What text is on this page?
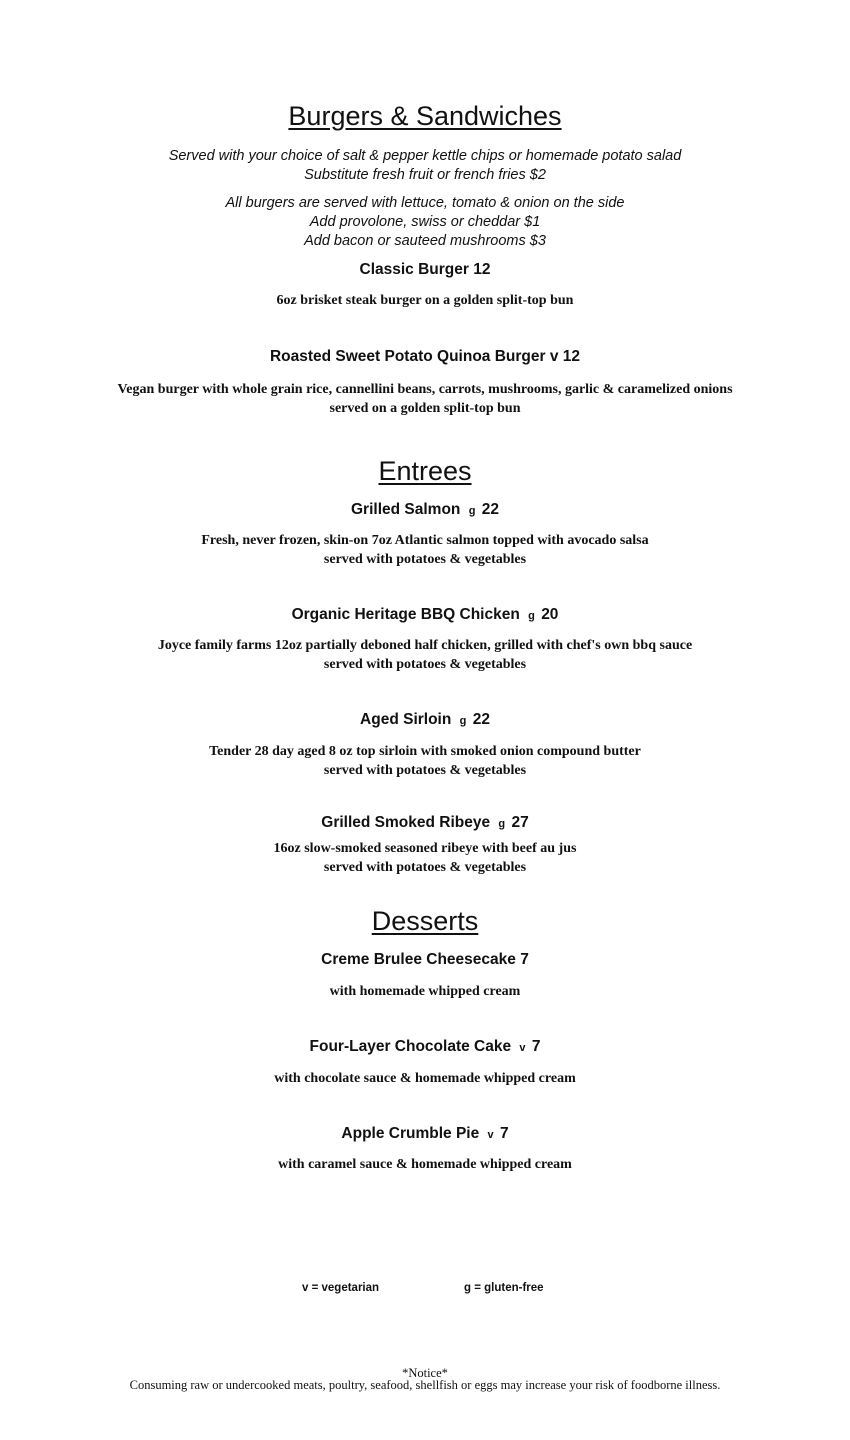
Burgers & Sandwiches
Served with your choice of salt & pepper kettle chips or homemade potato salad
Substitute fresh fruit or french fries $2
All burgers are served with lettuce, tomato & onion on the side
Add provolone, swiss or cheddar $1
Add bacon or sauteed mushrooms $3
Classic Burger 12
6oz brisket steak burger on a golden split-top bun
Roasted Sweet Potato Quinoa Burger v 12
Vegan burger with whole grain rice, cannellini beans, carrots, mushrooms, garlic & caramelized onions
served on a golden split-top bun
Entrees
Grilled Salmon g 22
Fresh, never frozen, skin-on 7oz Atlantic salmon topped with avocado salsa
served with potatoes & vegetables
Organic Heritage BBQ Chicken g 20
Joyce family farms 12oz partially deboned half chicken, grilled with chef's own bbq sauce
served with potatoes & vegetables
Aged Sirloin g 22
Tender 28 day aged 8 oz top sirloin with smoked onion compound butter
served with potatoes & vegetables
Grilled Smoked Ribeye g 27
16oz slow-smoked seasoned ribeye with beef au jus
served with potatoes & vegetables
Desserts
Creme Brulee Cheesecake 7
with homemade whipped cream
Four-Layer Chocolate Cake v 7
with chocolate sauce & homemade whipped cream
Apple Crumble Pie v 7
with caramel sauce & homemade whipped cream
v = vegetarian	g = gluten-free
*Notice*
Consuming raw or undercooked meats, poultry, seafood, shellfish or eggs may increase your risk of foodborne illness.
